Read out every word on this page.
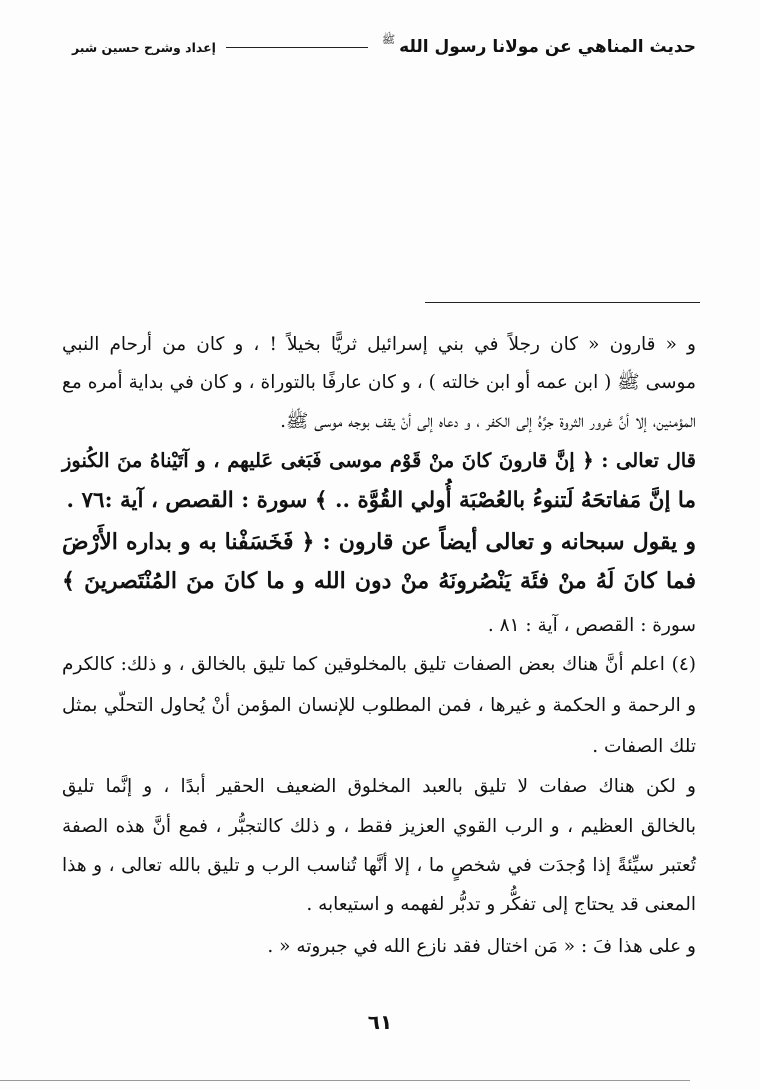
حديث المناهي عن مولانا رسول الله
ﷺ
إعداد وشرح حسين شبر
و « قارون « كان رجلاً في بني إسرائيل ثريًّا بخيلاً ! ، و كان من أرحام النبي
موسى ﷺ ( ابن عمه أو ابن خالته ) ، و كان عارفًا بالتوراة ، و كان في بداية أمره مع
المؤمنين، إلا أنَّ غرور الثروة جرَّهُ إلى الكفر ، و دعاه إلى أنْ يقف بوجه موسى ﷺ.
قال تعالى : ﴿ إنَّ قارونَ كانَ منْ قَوْم موسى فَبَغى عَليهم ، و آتَيْناهُ منَ الكُنوز
ما إنَّ مَفاتحَهُ لَتنوءُ بالعُصْبَة أُولي القُوَّة .. ﴾ سورة : القصص ، آية :٧٦ .
و يقول سبحانه و تعالى أيضاً عن قارون : ﴿ فَخَسَفْنا به و بداره الأَرْضَ
فما كانَ لَهُ منْ فئَة يَنْصُرونَهُ منْ دون الله و ما كانَ منَ المُنْتَصرينَ ﴾
سورة : القصص ، آية : ٨١ .
(٤) اعلم أنَّ هناك بعض الصفات تليق بالمخلوقين كما تليق بالخالق ، و ذلك: كالكرم
و الرحمة و الحكمة و غيرها ، فمن المطلوب للإنسان المؤمن أنْ يُحاول التحلّي بمثل
تلك الصفات .
و لكن هناك صفات لا تليق بالعبد المخلوق الضعيف الحقير أبدًا ، و إنَّما تليق
بالخالق العظيم ، و الرب القوي العزيز فقط ، و ذلك كالتجبُّر ، فمع أنَّ هذه الصفة
تُعتبر سيِّئةً إذا وُجدَت في شخصٍ ما ، إلا أنَّها تُناسب الرب و تليق بالله تعالى ، و هذا
المعنى قد يحتاج إلى تفكُّر و تدبُّر لفهمه و استيعابه .
و على هذا فَ : « مَن اختال فقد نازع الله في جبروته « .
٦١
